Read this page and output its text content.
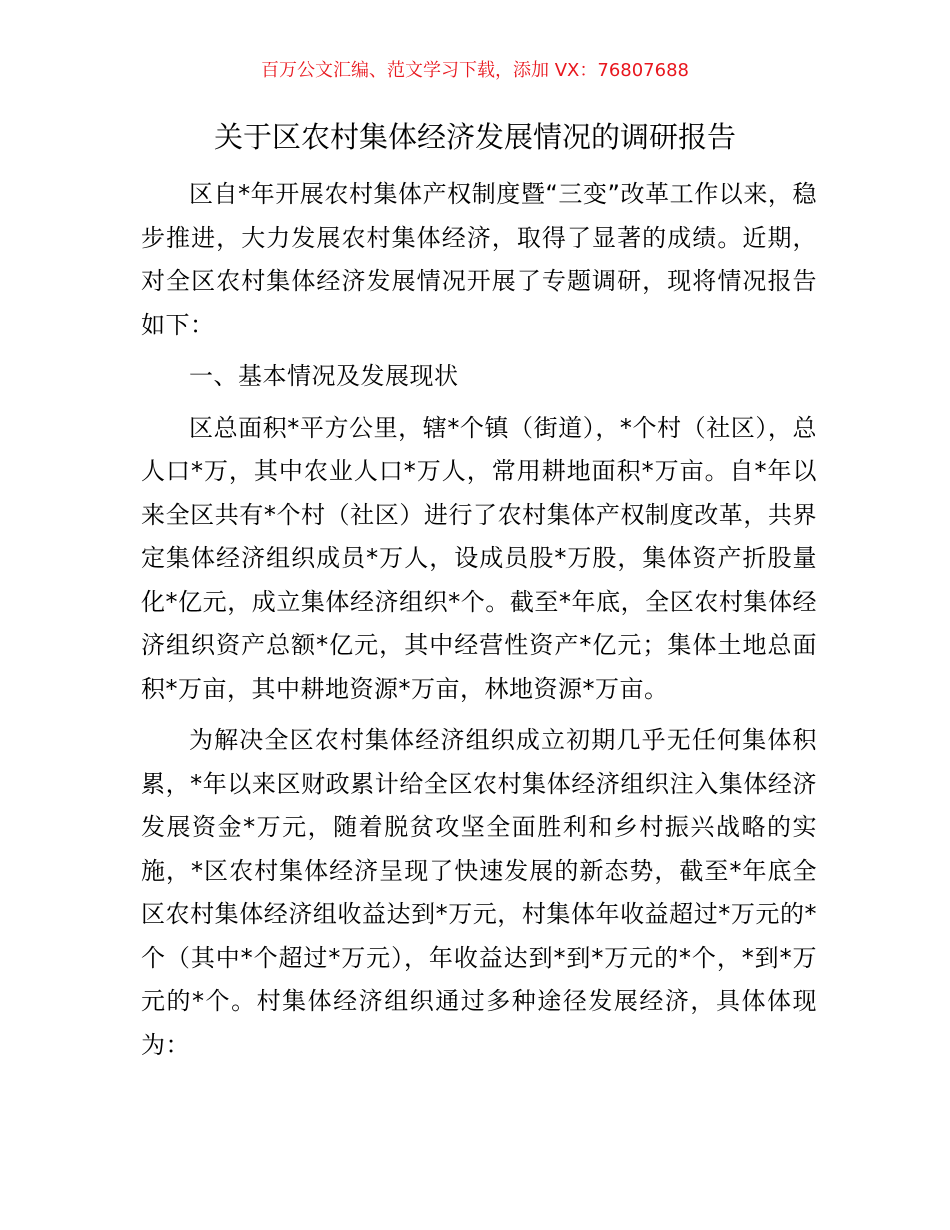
百万公文汇编、范文学习下载，添加 VX：76807688
关于区农村集体经济发展情况的调研报告

区自*年开展农村集体产权制度暨“三变”改革工作以来，稳步推进，大力发展农村集体经济，取得了显著的成绩。近期，对全区农村集体经济发展情况开展了专题调研，现将情况报告如下：

一、基本情况及发展现状

区总面积*平方公里，辖*个镇（街道），*个村（社区），总人口*万，其中农业人口*万人，常用耕地面积*万亩。自*年以来全区共有*个村（社区）进行了农村集体产权制度改革，共界定集体经济组织成员*万人，设成员股*万股，集体资产折股量化*亿元，成立集体经济组织*个。截至*年底，全区农村集体经济组织资产总额*亿元，其中经营性资产*亿元；集体土地总面积*万亩，其中耕地资源*万亩，林地资源*万亩。

为解决全区农村集体经济组织成立初期几乎无任何集体积累，*年以来区财政累计给全区农村集体经济组织注入集体经济发展资金*万元，随着脱贫攻坚全面胜利和乡村振兴战略的实施，*区农村集体经济呈现了快速发展的新态势，截至*年底全区农村集体经济组收益达到*万元，村集体年收益超过*万元的*个（其中*个超过*万元），年收益达到*到*万元的*个，*到*万元的*个。村集体经济组织通过多种途径发展经济，具体体现为：
